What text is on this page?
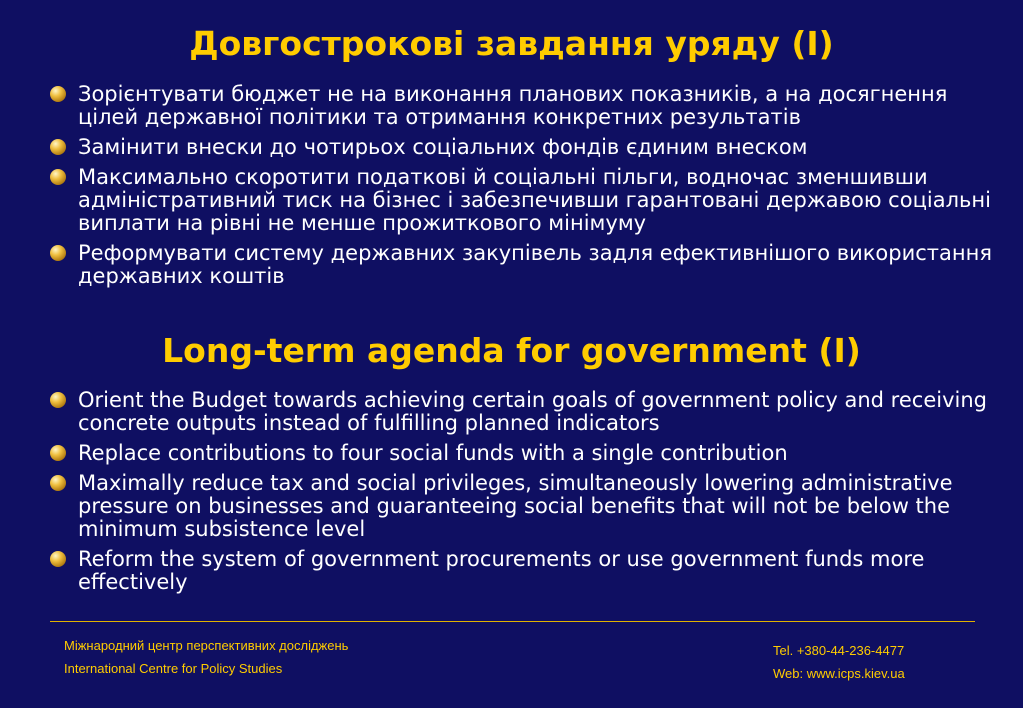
Довгострокові завдання уряду (I)
Зорієнтувати бюджет не на виконання планових показників, а на досягнення цілей державної політики та отримання конкретних результатів
Замінити внески до чотирьох соціальних фондів єдиним внеском
Максимально скоротити податкові й соціальні пільги, водночас зменшивши адміністративний тиск на бізнес і забезпечивши гарантовані державою соціальні виплати на рівні не менше прожиткового мінімуму
Реформувати систему державних закупівель задля ефективнішого використання державних коштів
Long-term agenda for government (I)
Orient the Budget towards achieving certain goals of government policy and receiving concrete outputs instead of fulfilling planned indicators
Replace contributions to four social funds with a single contribution
Maximally reduce tax and social privileges, simultaneously lowering administrative pressure on businesses and guaranteeing social benefits that will not be below the minimum subsistence level
Reform the system of government procurements or use government funds more effectively
Міжнародний центр перспективних досліджень
International Centre for Policy Studies
Tel. +380-44-236-4477
Web: www.icps.kiev.ua
